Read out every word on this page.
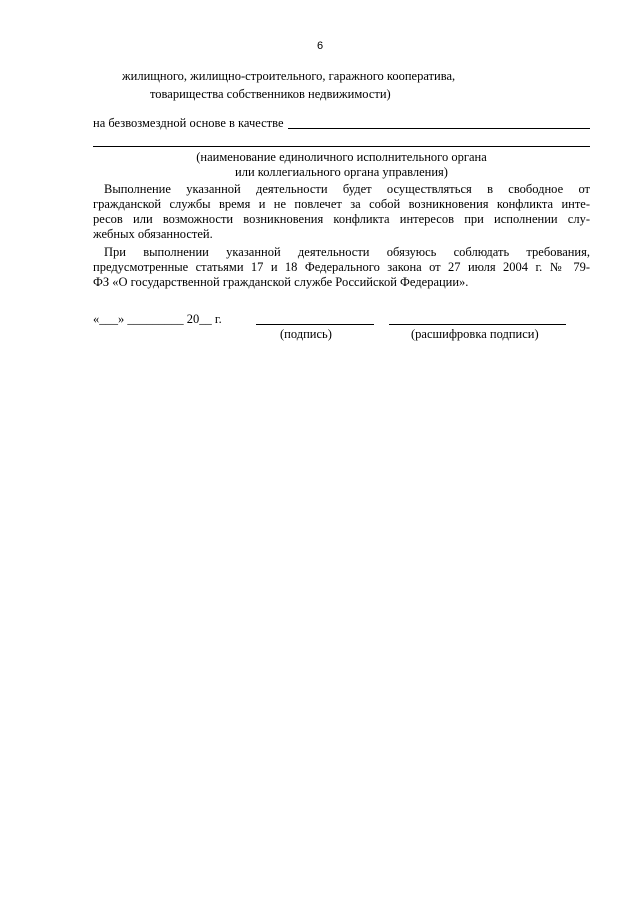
6
жилищного, жилищно-строительного, гаражного кооператива,
товарищества собственников недвижимости)
на безвозмездной основе в качестве
(наименование единоличного исполнительного органа
или коллегиального органа управления)
Выполнение указанной деятельности будет осуществляться в свободное от
гражданской службы время и не повлечет за собой возникновения конфликта инте-
ресов или возможности возникновения конфликта интересов при исполнении слу-
жебных обязанностей.
При выполнении указанной деятельности обязуюсь соблюдать требования,
предусмотренные статьями 17 и 18 Федерального закона от 27 июля 2004 г. № 79-
ФЗ «О государственной гражданской службе Российской Федерации».
«___» _________ 20__ г.
(подпись)	(расшифровка подписи)
